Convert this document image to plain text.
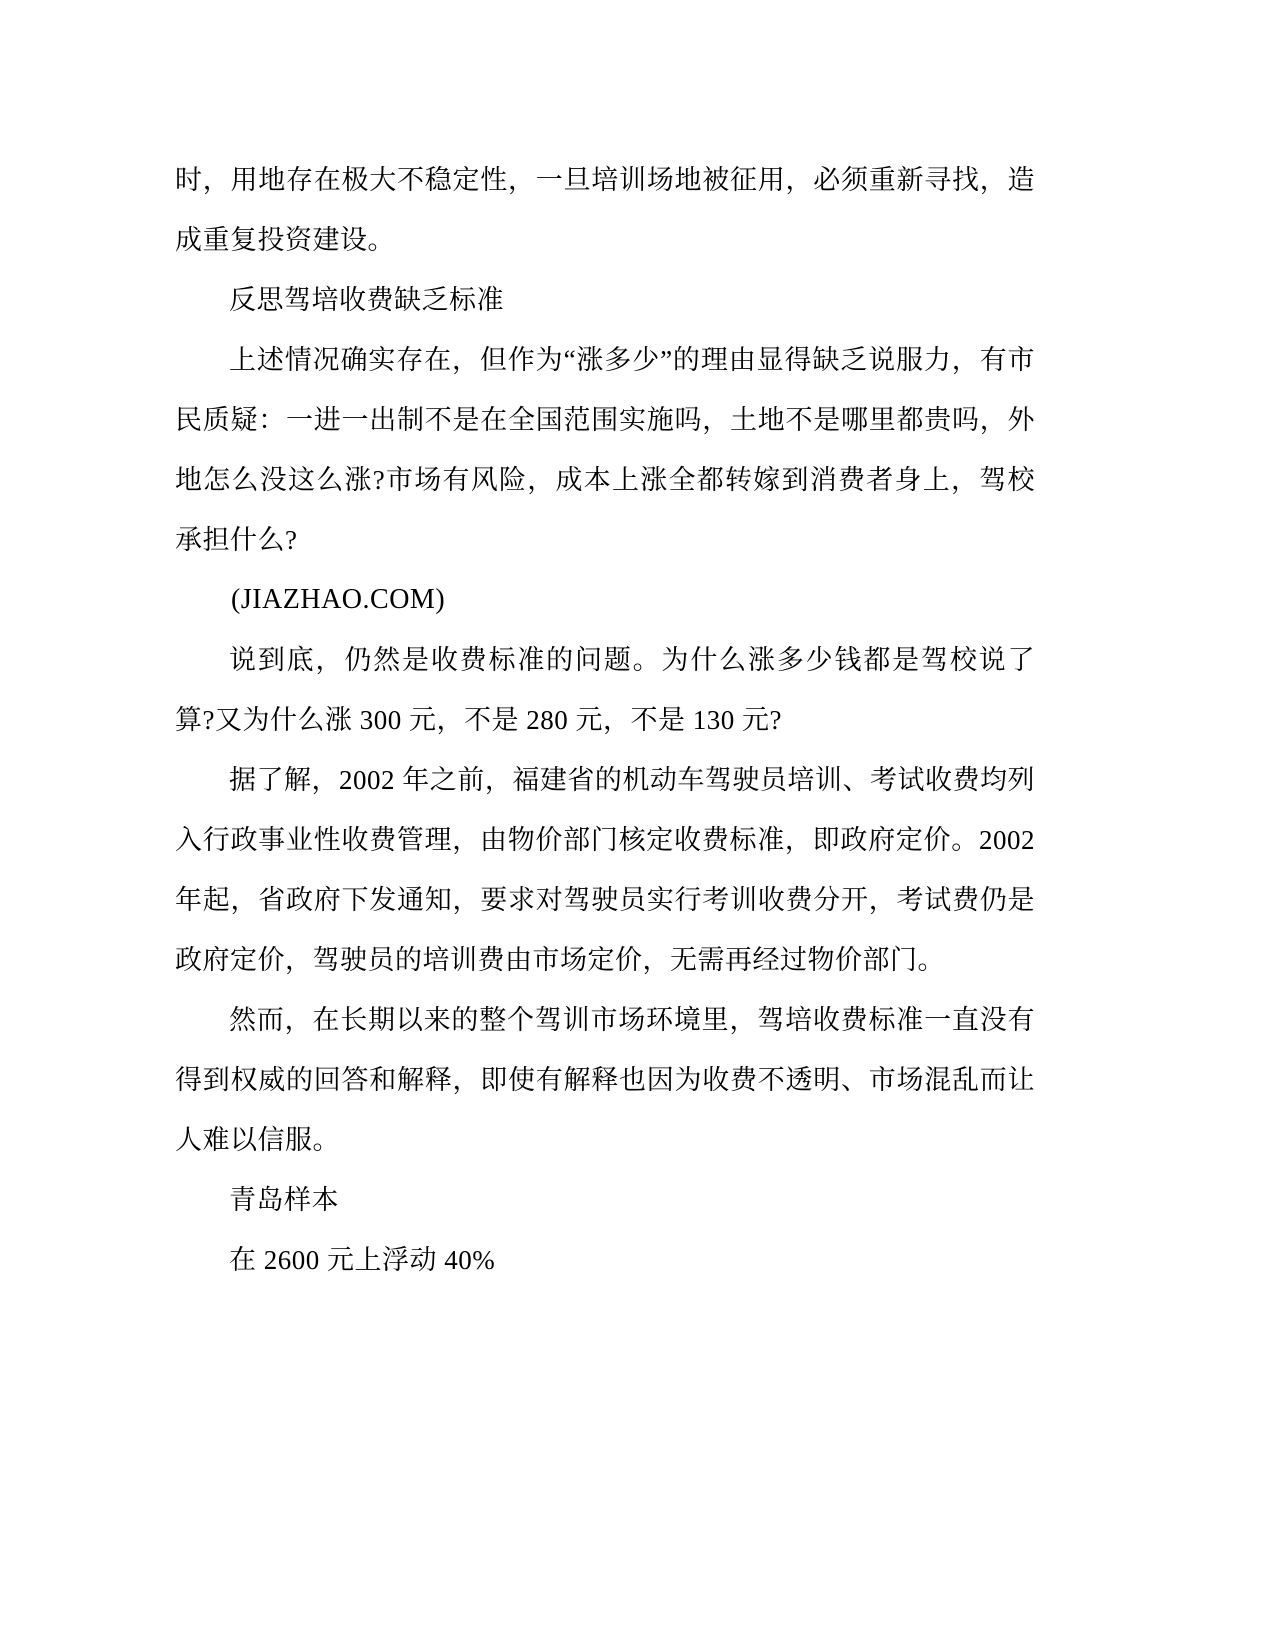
时，用地存在极大不稳定性，一旦培训场地被征用，必须重新寻找，造成重复投资建设。

反思驾培收费缺乏标准

上述情况确实存在，但作为“涨多少”的理由显得缺乏说服力，有市民质疑：一进一出制不是在全国范围实施吗，土地不是哪里都贵吗，外地怎么没这么涨?市场有风险，成本上涨全都转嫁到消费者身上，驾校承担什么?

(JIAZHAO.COM)

说到底，仍然是收费标准的问题。为什么涨多少钱都是驾校说了算?又为什么涨 300 元，不是 280 元，不是 130 元?

据了解，2002 年之前，福建省的机动车驾驶员培训、考试收费均列入行政事业性收费管理，由物价部门核定收费标准，即政府定价。2002 年起，省政府下发通知，要求对驾驶员实行考训收费分开，考试费仍是政府定价，驾驶员的培训费由市场定价，无需再经过物价部门。

然而，在长期以来的整个驾训市场环境里，驾培收费标准一直没有得到权威的回答和解释，即使有解释也因为收费不透明、市场混乱而让人难以信服。

青岛样本

在 2600 元上浮动 40%
